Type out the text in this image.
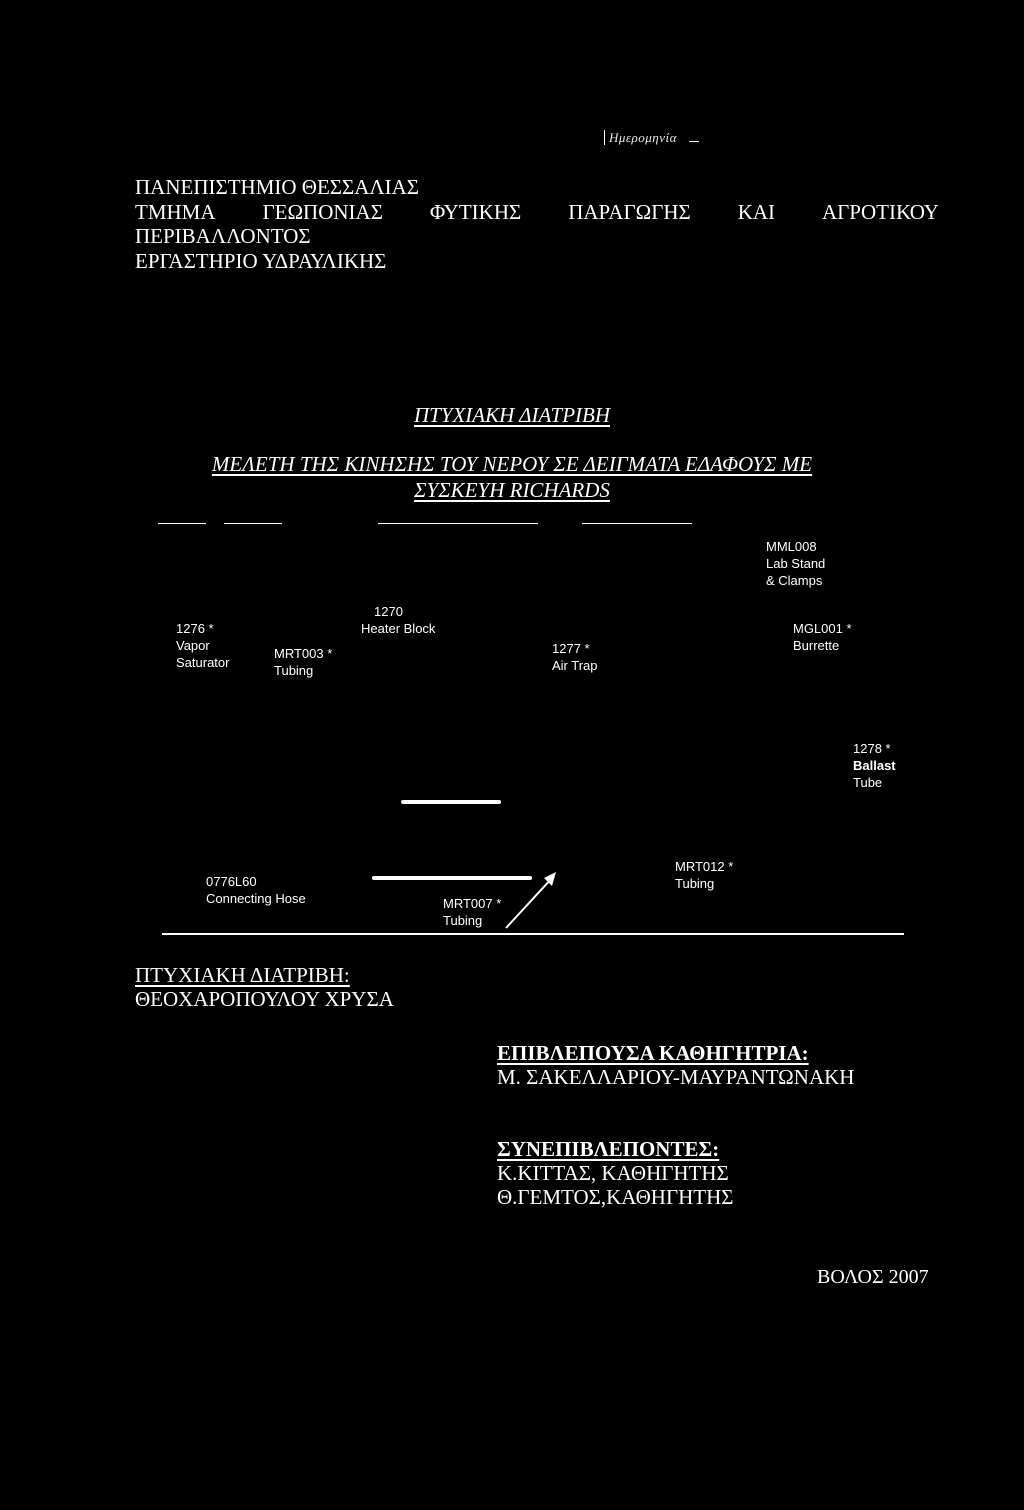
Ημερομηνία
ΠΑΝΕΠΙΣΤΗΜΙΟ ΘΕΣΣΑΛΙΑΣ
ΤΜΗΜΑ ΓΕΩΠΟΝΙΑΣ ΦΥΤΙΚΗΣ ΠΑΡΑΓΩΓΗΣ ΚΑΙ ΑΓΡΟΤΙΚΟΥ
ΠΕΡΙΒΑΛΛΟΝΤΟΣ
ΕΡΓΑΣΤΗΡΙΟ ΥΔΡΑΥΛΙΚΗΣ
ΠΤΥΧΙΑΚΗ ΔΙΑΤΡΙΒΗ
ΜΕΛΕΤΗ ΤΗΣ ΚΙΝΗΣΗΣ ΤΟΥ ΝΕΡΟΥ ΣΕ ΔΕΙΓΜΑΤΑ ΕΔΑΦΟΥΣ ΜΕ
ΣΥΣΚΕΥΗ RICHARDS
MML008
Lab Stand
& Clamps
1276 *
Vapor
Saturator
MRT003 *
Tubing
1270
Heater Block
1277 *
Air Trap
MGL001 *
Burrette
1278 *
Ballast
Tube
0776L60
Connecting Hose	MRT007 *
Tubing
MRT012 *
Tubing
ΠΤΥΧΙΑΚΗ ΔΙΑΤΡΙΒΗ:
ΘΕΟΧΑΡΟΠΟΥΛΟΥ ΧΡΥΣΑ
ΕΠΙΒΛΕΠΟΥΣΑ ΚΑΘΗΓΗΤΡΙΑ:
Μ. ΣΑΚΕΛΛΑΡΙΟΥ-ΜΑΥΡΑΝΤΩΝΑΚΗ
ΣΥΝΕΠΙΒΛΕΠΟΝΤΕΣ:
Κ.ΚΙΤΤΑΣ, ΚΑΘΗΓΗΤΗΣ
Θ.ΓΕΜΤΟΣ,ΚΑΘΗΓΗΤΗΣ
ΒΟΛΟΣ 2007
